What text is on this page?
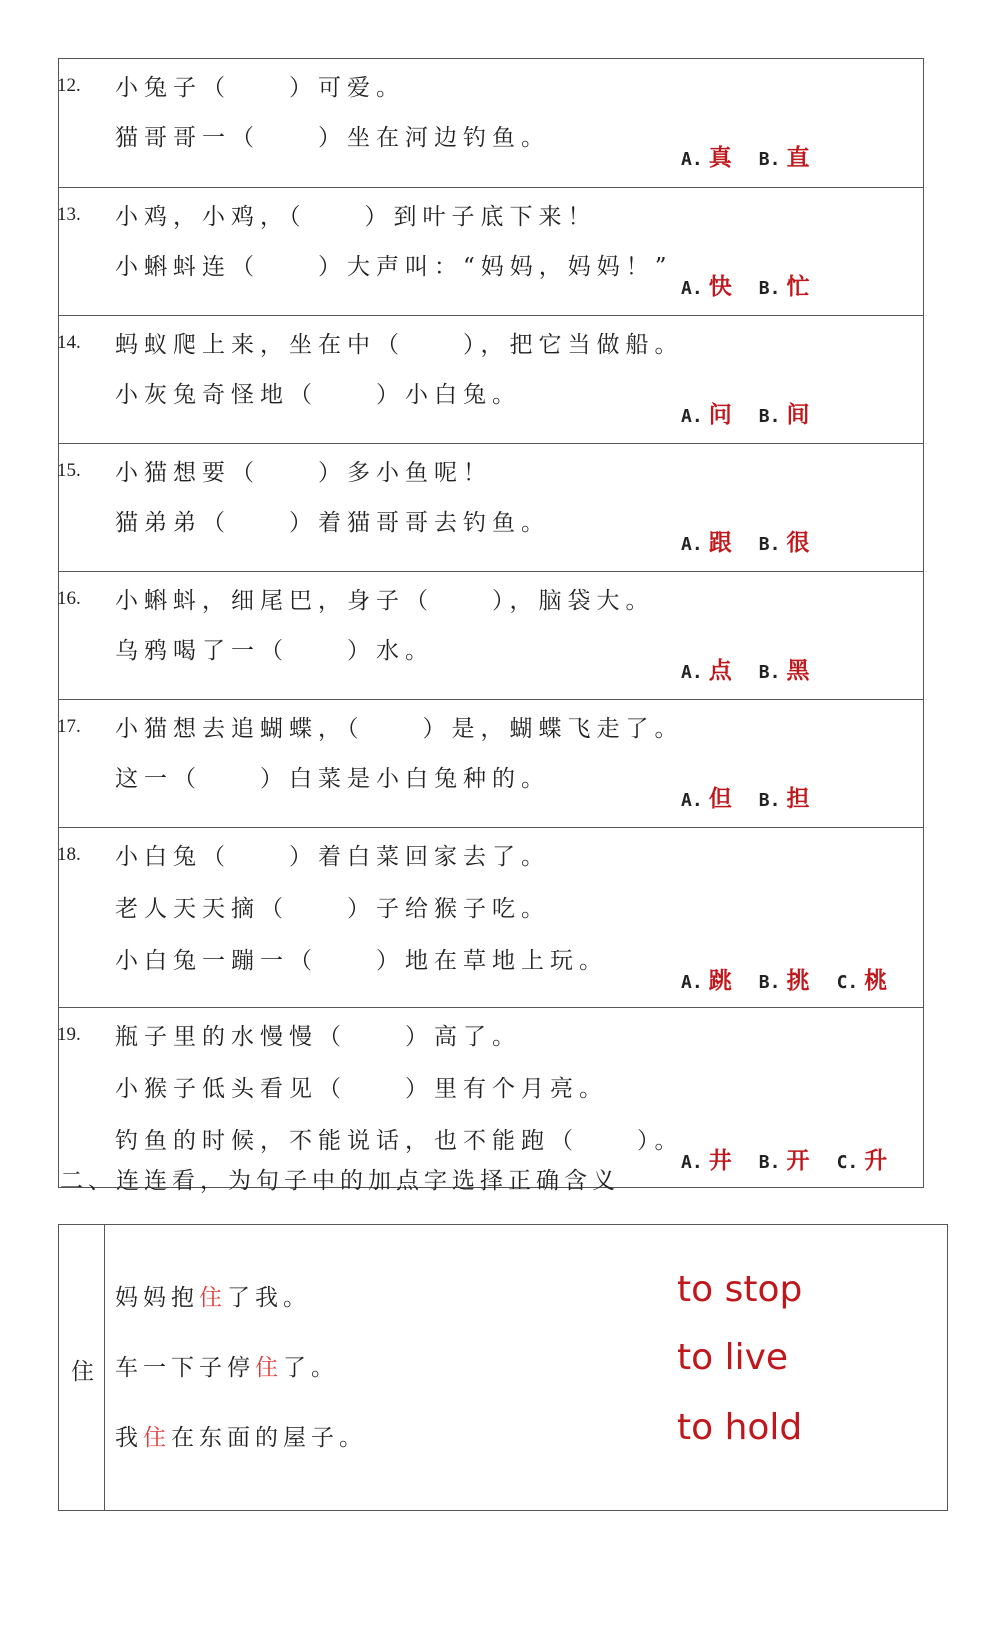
12. 小兔子（　　）可爱。
猫哥哥一（　　）坐在河边钓鱼。
A. 真 B. 直
13. 小鸡，小鸡，（　　）到叶子底下来！
小蝌蚪连（　　）大声叫：“妈妈，妈妈！”
A. 快 B. 忙
14. 蚂蚁爬上来，坐在中（　　），把它当做船。
小灰兔奇怪地（　　）小白兔。
A. 问 B. 间
15. 小猫想要（　　）多小鱼呢！
猫弟弟（　　）着猫哥哥去钓鱼。
A. 跟 B. 很
16. 小蝌蚪，细尾巴，身子（　　），脑袋大。
乌鸦喝了一（　　）水。
A. 点 B. 黑
17. 小猫想去追蝴蝶，（　　）是，蝴蝶飞走了。
这一（　　）白菜是小白兔种的。
A. 但 B. 担
18. 小白兔（　　）着白菜回家去了。
老人天天摘（　　）子给猴子吃。
小白兔一蹦一（　　）地在草地上玩。
A. 跳 B. 挑 C. 桃
19. 瓶子里的水慢慢（　　）高了。
小猴子低头看见（　　）里有个月亮。
钓鱼的时候，不能说话，也不能跑（　　）。
A. 井 B. 开 C. 升
二、连连看，为句子中的加点字选择正确含义
住
妈妈抱住了我。
车一下子停住了。
我住在东面的屋子。
to stop
to live
to hold
